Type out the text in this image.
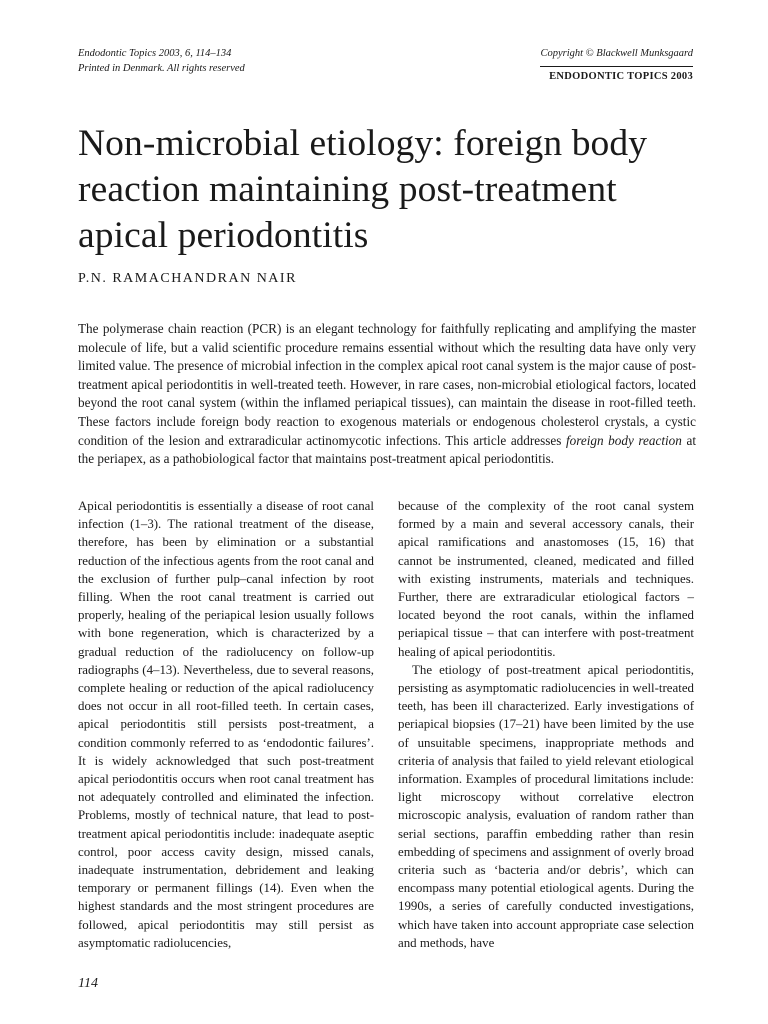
Endodontic Topics 2003, 6, 114–134
Printed in Denmark. All rights reserved
Copyright © Blackwell Munksgaard
ENDODONTIC TOPICS 2003
Non-microbial etiology: foreign body reaction maintaining post-treatment apical periodontitis
P.N. RAMACHANDRAN NAIR

The polymerase chain reaction (PCR) is an elegant technology for faithfully replicating and amplifying the master molecule of life, but a valid scientific procedure remains essential without which the resulting data have only very limited value. The presence of microbial infection in the complex apical root canal system is the major cause of post-treatment apical periodontitis in well-treated teeth. However, in rare cases, non-microbial etiological factors, located beyond the root canal system (within the inflamed periapical tissues), can maintain the disease in root-filled teeth. These factors include foreign body reaction to exogenous materials or endogenous cholesterol crystals, a cystic condition of the lesion and extraradicular actinomycotic infections. This article addresses foreign body reaction at the periapex, as a pathobiological factor that maintains post-treatment apical periodontitis.

Apical periodontitis is essentially a disease of root canal infection (1–3). The rational treatment of the disease, therefore, has been by elimination or a substantial reduction of the infectious agents from the root canal and the exclusion of further pulp–canal infection by root filling. When the root canal treatment is carried out properly, healing of the periapical lesion usually follows with bone regeneration, which is characterized by a gradual reduction of the radiolucency on follow-up radiographs (4–13). Nevertheless, due to several reasons, complete healing or reduction of the apical radiolucency does not occur in all root-filled teeth. In certain cases, apical periodontitis still persists post-treatment, a condition commonly referred to as ‘endodontic failures’. It is widely acknowledged that such post-treatment apical periodontitis occurs when root canal treatment has not adequately controlled and eliminated the infection. Problems, mostly of technical nature, that lead to post-treatment apical periodontitis include: inadequate aseptic control, poor access cavity design, missed canals, inadequate instrumentation, debridement and leaking temporary or permanent fillings (14). Even when the highest standards and the most stringent procedures are followed, apical periodontitis may still persist as asymptomatic radiolucencies,

because of the complexity of the root canal system formed by a main and several accessory canals, their apical ramifications and anastomoses (15, 16) that cannot be instrumented, cleaned, medicated and filled with existing instruments, materials and techniques. Further, there are extraradicular etiological factors – located beyond the root canals, within the inflamed periapical tissue – that can interfere with post-treatment healing of apical periodontitis.

The etiology of post-treatment apical periodontitis, persisting as asymptomatic radiolucencies in well-treated teeth, has been ill characterized. Early investigations of periapical biopsies (17–21) have been limited by the use of unsuitable specimens, inappropriate methods and criteria of analysis that failed to yield relevant etiological information. Examples of procedural limitations include: light microscopy without correlative electron microscopic analysis, evaluation of random rather than serial sections, paraffin embedding rather than resin embedding of specimens and assignment of overly broad criteria such as ‘bacteria and/or debris’, which can encompass many potential etiological agents. During the 1990s, a series of carefully conducted investigations, which have taken into account appropriate case selection and methods, have

114
